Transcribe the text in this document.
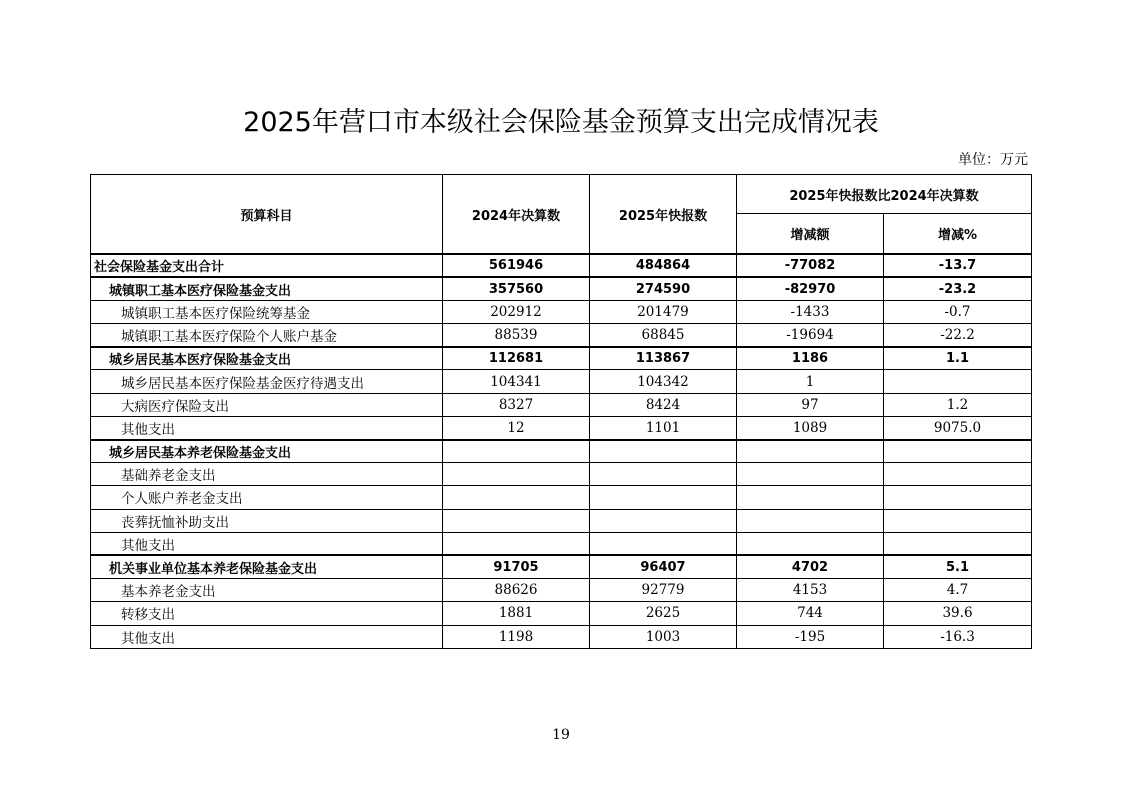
2025年营口市本级社会保险基金预算支出完成情况表
单位：万元
预算科目	2024年决算数	2025年快报数	2025年快报数比2024年决算数	
			增减额	增减%
社会保险基金支出合计	561946	484864	-77082	-13.7
城镇职工基本医疗保险基金支出	357560	274590	-82970	-23.2
城镇职工基本医疗保险统筹基金	202912	201479	-1433	-0.7
城镇职工基本医疗保险个人账户基金	88539	68845	-19694	-22.2
城乡居民基本医疗保险基金支出	112681	113867	1186	1.1
城乡居民基本医疗保险基金医疗待遇支出	104341	104342	1	
大病医疗保险支出	8327	8424	97	1.2
其他支出	12	1101	1089	9075.0
城乡居民基本养老保险基金支出				
基础养老金支出				
个人账户养老金支出				
丧葬抚恤补助支出				
其他支出				
机关事业单位基本养老保险基金支出	91705	96407	4702	5.1
基本养老金支出	88626	92779	4153	4.7
转移支出	1881	2625	744	39.6
其他支出	1198	1003	-195	-16.3
19
